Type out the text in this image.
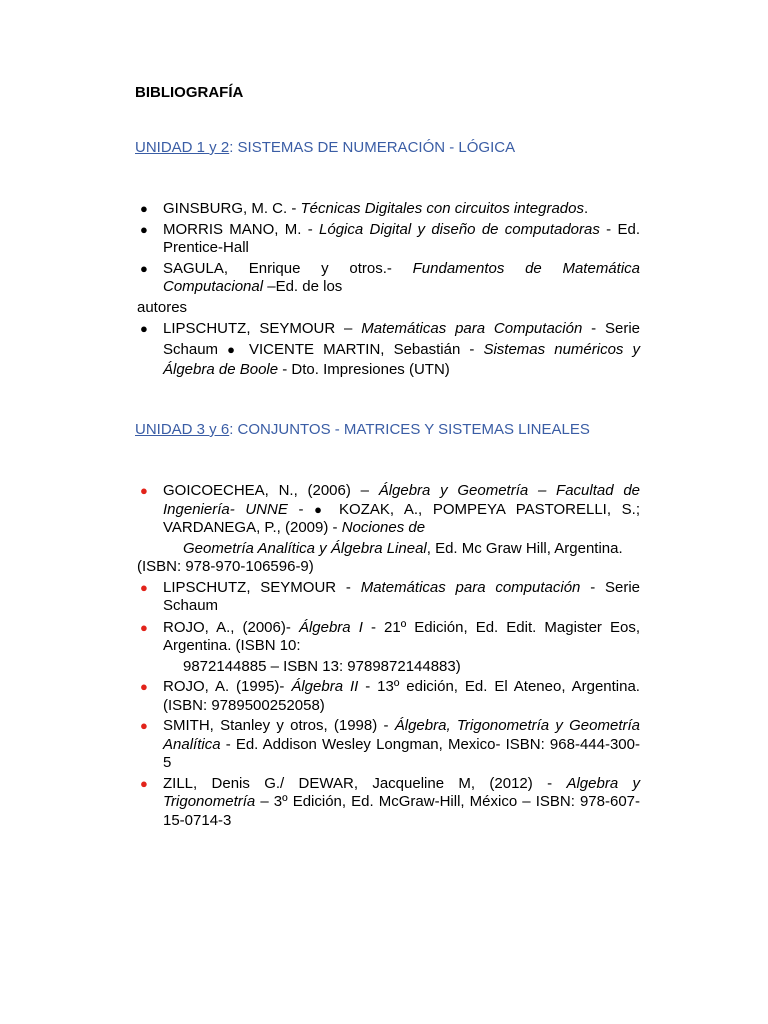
BIBLIOGRAFÍA
UNIDAD 1 y 2: SISTEMAS DE NUMERACIÓN - LÓGICA
● GINSBURG, M. C. - Técnicas Digitales con circuitos integrados.
● MORRIS MANO, M. - Lógica Digital y diseño de computadoras - Ed. Prentice-Hall
● SAGULA, Enrique y otros.- Fundamentos de Matemática Computacional –Ed. de los
autores
● LIPSCHUTZ, SEYMOUR – Matemáticas para Computación - Serie Schaum ● VICENTE MARTIN, Sebastián - Sistemas numéricos y Álgebra de Boole - Dto. Impresiones (UTN)
UNIDAD 3 y 6: CONJUNTOS - MATRICES Y SISTEMAS LINEALES
● GOICOECHEA, N., (2006) – Álgebra y Geometría – Facultad de Ingeniería- UNNE - ● KOZAK, A., POMPEYA PASTORELLI, S.; VARDANEGA, P., (2009) - Nociones de
Geometría Analítica y Álgebra Lineal, Ed. Mc Graw Hill, Argentina.
(ISBN: 978-970-106596-9)
● LIPSCHUTZ, SEYMOUR - Matemáticas para computación - Serie Schaum
● ROJO, A., (2006)- Álgebra I - 21º Edición, Ed. Edit. Magister Eos, Argentina. (ISBN 10:
9872144885 – ISBN 13: 9789872144883)
● ROJO, A. (1995)- Álgebra II - 13º edición, Ed. El Ateneo, Argentina. (ISBN: 9789500252058)
● SMITH, Stanley y otros, (1998) - Álgebra, Trigonometría y Geometría Analítica - Ed. Addison Wesley Longman, Mexico- ISBN: 968-444-300-5
● ZILL, Denis G./ DEWAR, Jacqueline M, (2012) - Algebra y Trigonometría – 3º Edición, Ed. McGraw-Hill, México – ISBN: 978-607-15-0714-3
